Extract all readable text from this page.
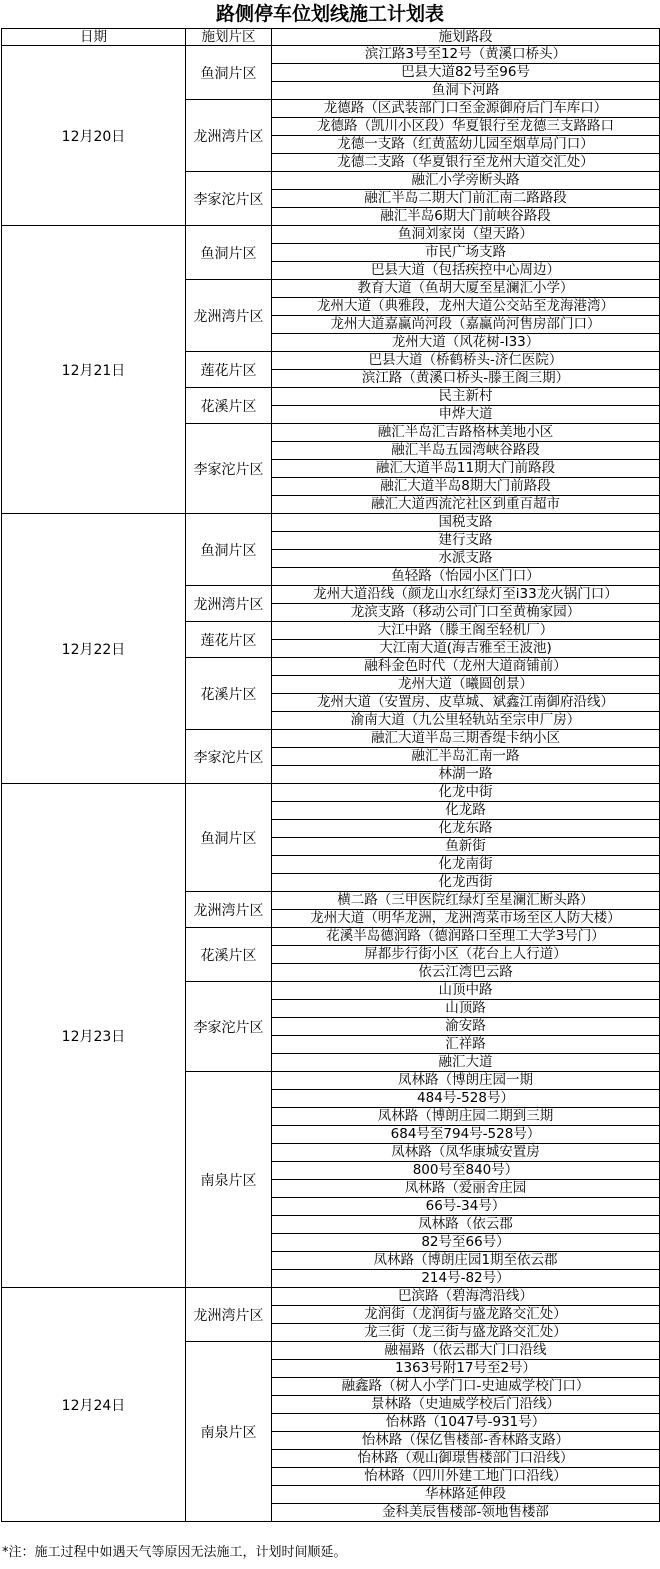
路侧停车位划线施工计划表
日期	施划片区	施划路段
12月20日	鱼洞片区	滨江路3号至12号（黄溪口桥头）
		巴县大道82号至96号
		鱼洞下河路
	龙洲湾片区	龙德路（区武装部门口至金源御府后门车库口）
		龙德路（凯川小区段）华夏银行至龙德三支路路口
		龙德一支路（红黄蓝幼儿园至烟草局门口）
		龙德二支路（华夏银行至龙州大道交汇处）
	李家沱片区	融汇小学旁断头路
		融汇半岛二期大门前汇南二路路段
		融汇半岛6期大门前峡谷路段
12月21日	鱼洞片区	鱼洞刘家岗（望天路）
		市民广场支路
		巴县大道（包括疾控中心周边）
	龙洲湾片区	教育大道（鱼胡大厦至星澜汇小学）
		龙州大道（典雅段，龙州大道公交站至龙海港湾）
		龙州大道嘉赢尚河段（嘉赢尚河售房部门口）
		龙州大道（风花树-I33）
	莲花片区	巴县大道（桥鹤桥头-济仁医院）
		滨江路（黄溪口桥头-滕王阁三期）
	花溪片区	民主新村
		申烨大道
	李家沱片区	融汇半岛汇吉路格林美地小区
		融汇半岛五园湾峡谷路段
		融汇大道半岛11期大门前路段
		融汇大道半岛8期大门前路段
		融汇大道西流沱社区到重百超市
12月22日	鱼洞片区	国税支路
		建行支路
		水派支路
		鱼轻路（怡园小区门口）
	龙洲湾片区	龙州大道沿线（颜龙山水红绿灯至i33龙火锅门口）
		龙滨支路（移动公司门口至黄桷家园）
	莲花片区	大江中路（滕王阁至轻机厂）
		大江南大道(海吉雅至王波池)
	花溪片区	融科金色时代（龙州大道商铺前）
		龙州大道（曦圆创景）
		龙州大道（安置房、皮草城、斌鑫江南御府沿线）
		渝南大道（九公里轻轨站至宗申厂房）
	李家沱片区	融汇大道半岛三期香缇卡纳小区
		融汇半岛汇南一路
		林湖一路
12月23日	鱼洞片区	化龙中街
		化龙路
		化龙东路
		鱼新街
		化龙南街
		化龙西街
	龙洲湾片区	横二路（三甲医院红绿灯至星澜汇断头路）
		龙州大道（明华龙洲，龙洲湾菜市场至区人防大楼）
	花溪片区	花溪半岛德润路（德润路口至理工大学3号门）
		屏都步行街小区（花台上人行道）
		依云江湾巴云路
	李家沱片区	山顶中路
		山顶路
		渝安路
		汇祥路
		融汇大道
	南泉片区	凤林路（博朗庄园一期
		484号-528号）
		凤林路（博朗庄园二期到三期
		684号至794号-528号）
		凤林路（凤华康城安置房
		800号至840号）
		凤林路（爱丽舍庄园
		66号-34号）
		凤林路（依云郡
		82号至66号）
		凤林路（博朗庄园1期至依云郡
		214号-82号）
12月24日	龙洲湾片区	巴滨路（碧海湾沿线）
		龙润街（龙润街与盛龙路交汇处）
		龙三街（龙三街与盛龙路交汇处）
	南泉片区	融福路（依云郡大门口沿线
		1363号附17号至2号）
		融鑫路（树人小学门口-史迪威学校门口）
		景林路（史迪威学校后门沿线）
		怡林路（1047号-931号）
		怡林路（保亿售楼部-香林路支路）
		怡林路（观山御璟售楼部门口沿线）
		怡林路（四川外建工地门口沿线）
		华林路延伸段
		金科美辰售楼部-领地售楼部
*注：施工过程中如遇天气等原因无法施工，计划时间顺延。
